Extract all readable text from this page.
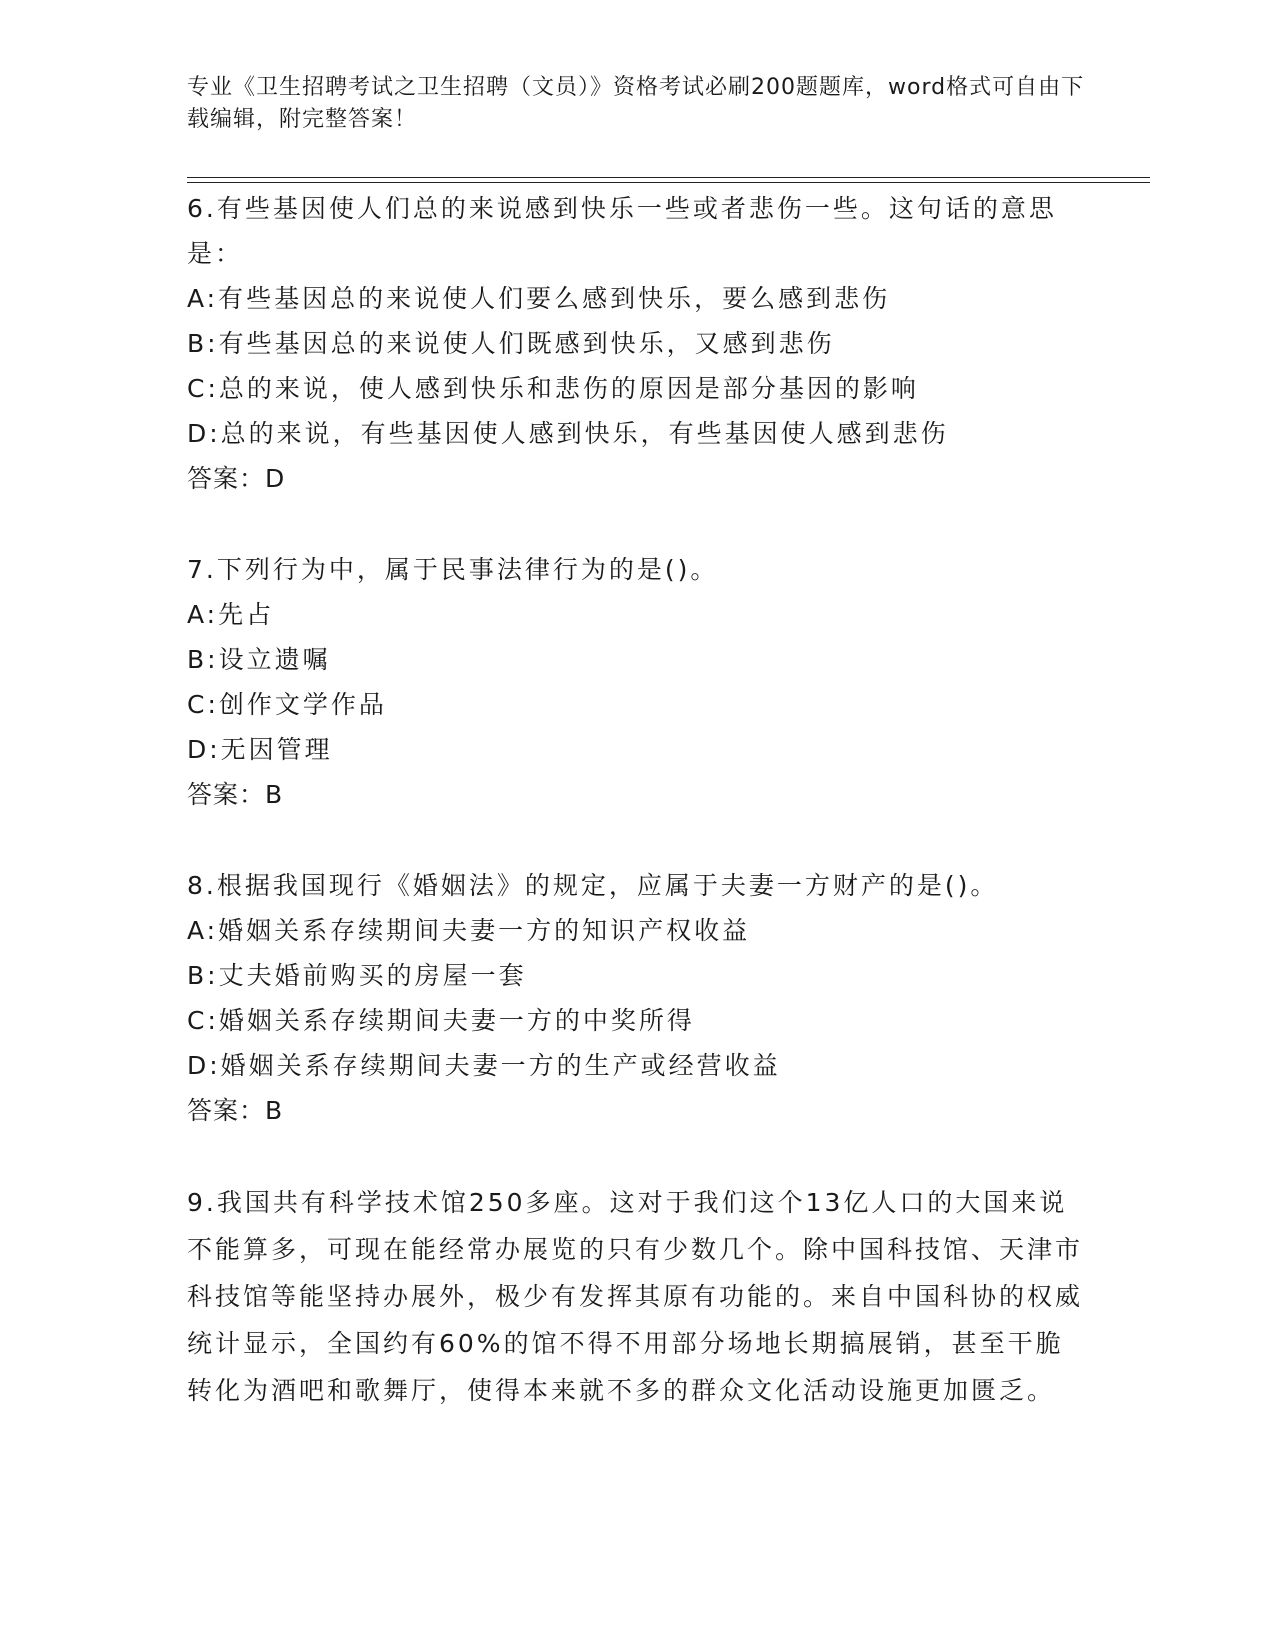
专业《卫生招聘考试之卫生招聘（文员）》资格考试必刷200题题库，word格式可自由下载编辑，附完整答案！

6.有些基因使人们总的来说感到快乐一些或者悲伤一些。这句话的意思是：

A:有些基因总的来说使人们要么感到快乐，要么感到悲伤

B:有些基因总的来说使人们既感到快乐，又感到悲伤

C:总的来说，使人感到快乐和悲伤的原因是部分基因的影响

D:总的来说，有些基因使人感到快乐，有些基因使人感到悲伤

答案：D

7.下列行为中，属于民事法律行为的是()。

A:先占

B:设立遗嘱

C:创作文学作品

D:无因管理

答案：B

8.根据我国现行《婚姻法》的规定，应属于夫妻一方财产的是()。

A:婚姻关系存续期间夫妻一方的知识产权收益

B:丈夫婚前购买的房屋一套

C:婚姻关系存续期间夫妻一方的中奖所得

D:婚姻关系存续期间夫妻一方的生产或经营收益

答案：B

9.我国共有科学技术馆250多座。这对于我们这个13亿人口的大国来说不能算多，可现在能经常办展览的只有少数几个。除中国科技馆、天津市科技馆等能坚持办展外，极少有发挥其原有功能的。来自中国科协的权威统计显示，全国约有60%的馆不得不用部分场地长期搞展销，甚至干脆转化为酒吧和歌舞厅，使得本来就不多的群众文化活动设施更加匮乏。
